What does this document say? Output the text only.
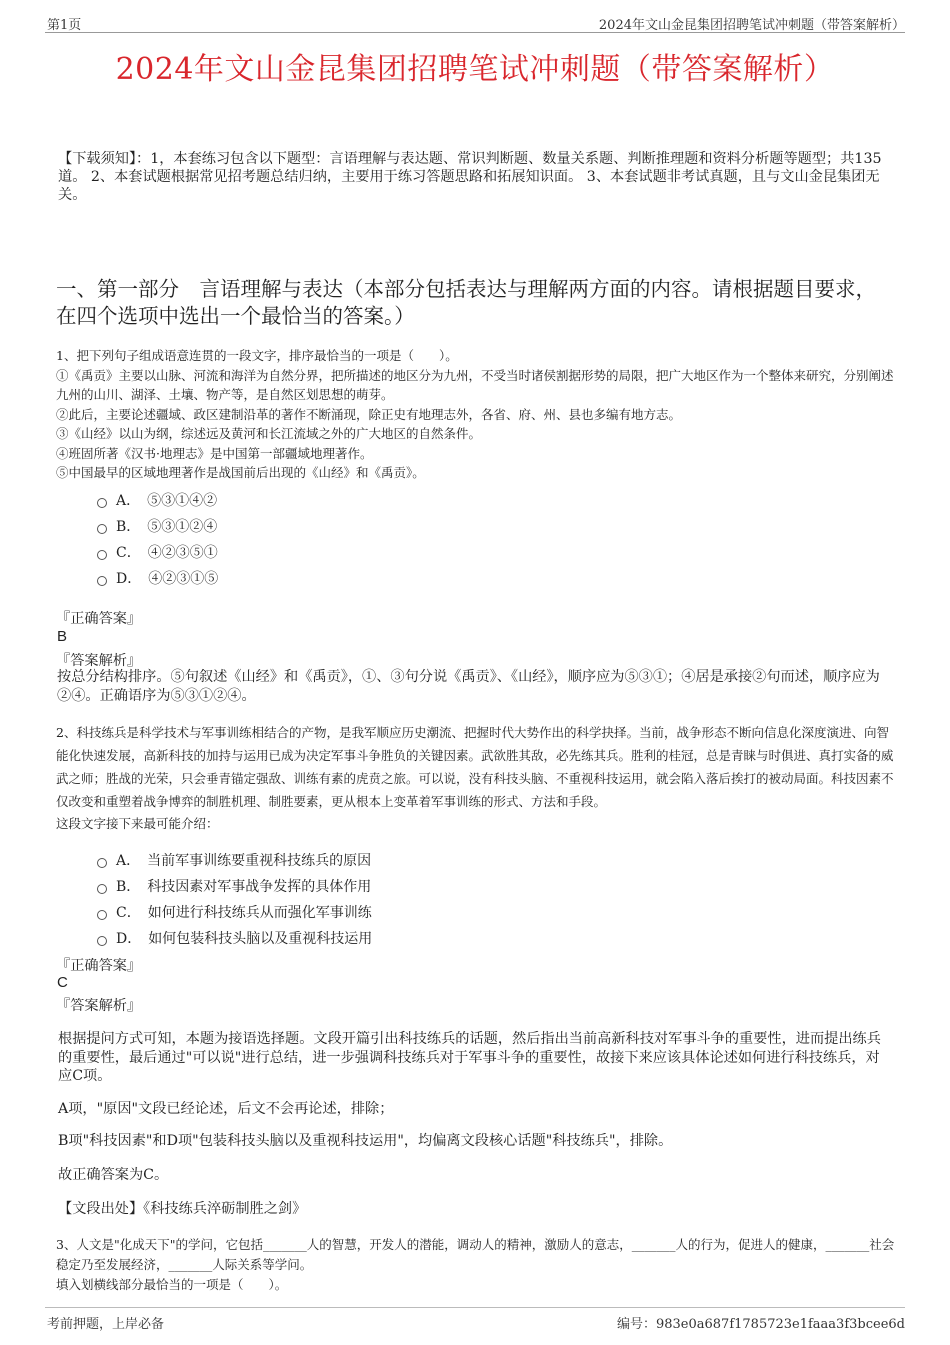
第1页	2024年文山金昆集团招聘笔试冲刺题（带答案解析）
2024年文山金昆集团招聘笔试冲刺题（带答案解析）
【下载须知】：1，本套练习包含以下题型：言语理解与表达题、常识判断题、数量关系题、判断推理题和资料分析题等题型；共135道。 2、本套试题根据常见招考题总结归纳，主要用于练习答题思路和拓展知识面。 3、本套试题非考试真题，且与文山金昆集团无关。
一、第一部分　言语理解与表达（本部分包括表达与理解两方面的内容。请根据题目要求，在四个选项中选出一个最恰当的答案。）
1、把下列句子组成语意连贯的一段文字，排序最恰当的一项是（　　）。
①《禹贡》主要以山脉、河流和海洋为自然分界，把所描述的地区分为九州，不受当时诸侯割据形势的局限，把广大地区作为一个整体来研究，分别阐述九州的山川、湖泽、土壤、物产等，是自然区划思想的萌芽。
②此后，主要论述疆域、政区建制沿革的著作不断涌现，除正史有地理志外，各省、府、州、县也多编有地方志。
③《山经》以山为纲，综述远及黄河和长江流域之外的广大地区的自然条件。
④班固所著《汉书·地理志》是中国第一部疆域地理著作。
⑤中国最早的区域地理著作是战国前后出现的《山经》和《禹贡》。
A．　⑤③①④②
B．　⑤③①②④
C．　④②③⑤①
D．　④②③①⑤
『正确答案』
B
『答案解析』
按总分结构排序。⑤句叙述《山经》和《禹贡》，①、③句分说《禹贡》、《山经》，顺序应为⑤③①；④居是承接②句而述，顺序应为②④。正确语序为⑤③①②④。
2、科技练兵是科学技术与军事训练相结合的产物，是我军顺应历史潮流、把握时代大势作出的科学抉择。当前，战争形态不断向信息化深度演进、向智能化快速发展，高新科技的加持与运用已成为决定军事斗争胜负的关键因素。武欲胜其敌，必先练其兵。胜利的桂冠，总是青睐与时俱进、真打实备的威武之师；胜战的光荣，只会垂青锚定强敌、训练有素的虎贲之旅。可以说，没有科技头脑、不重视科技运用，就会陷入落后挨打的被动局面。科技因素不仅改变和重塑着战争博弈的制胜机理、制胜要素，更从根本上变革着军事训练的形式、方法和手段。
这段文字接下来最可能介绍：
A．　当前军事训练要重视科技练兵的原因
B．　科技因素对军事战争发挥的具体作用
C．　如何进行科技练兵从而强化军事训练
D．　如何包装科技头脑以及重视科技运用
『正确答案』
C
『答案解析』
根据提问方式可知，本题为接语选择题。文段开篇引出科技练兵的话题，然后指出当前高新科技对军事斗争的重要性，进而提出练兵的重要性，最后通过"可以说"进行总结，进一步强调科技练兵对于军事斗争的重要性，故接下来应该具体论述如何进行科技练兵，对应C项。
A项，"原因"文段已经论述，后文不会再论述，排除；
B项"科技因素"和D项"包装科技头脑以及重视科技运用"，均偏离文段核心话题"科技练兵"，排除。
故正确答案为C。
【文段出处】《科技练兵淬砺制胜之剑》
3、人文是"化成天下"的学问，它包括_______人的智慧，开发人的潜能，调动人的精神，激励人的意志，_______人的行为，促进人的健康，_______社会稳定乃至发展经济，_______人际关系等学问。
填入划横线部分最恰当的一项是（　　）。
考前押题，上岸必备	编号：983e0a687f1785723e1faaa3f3bcee6d
